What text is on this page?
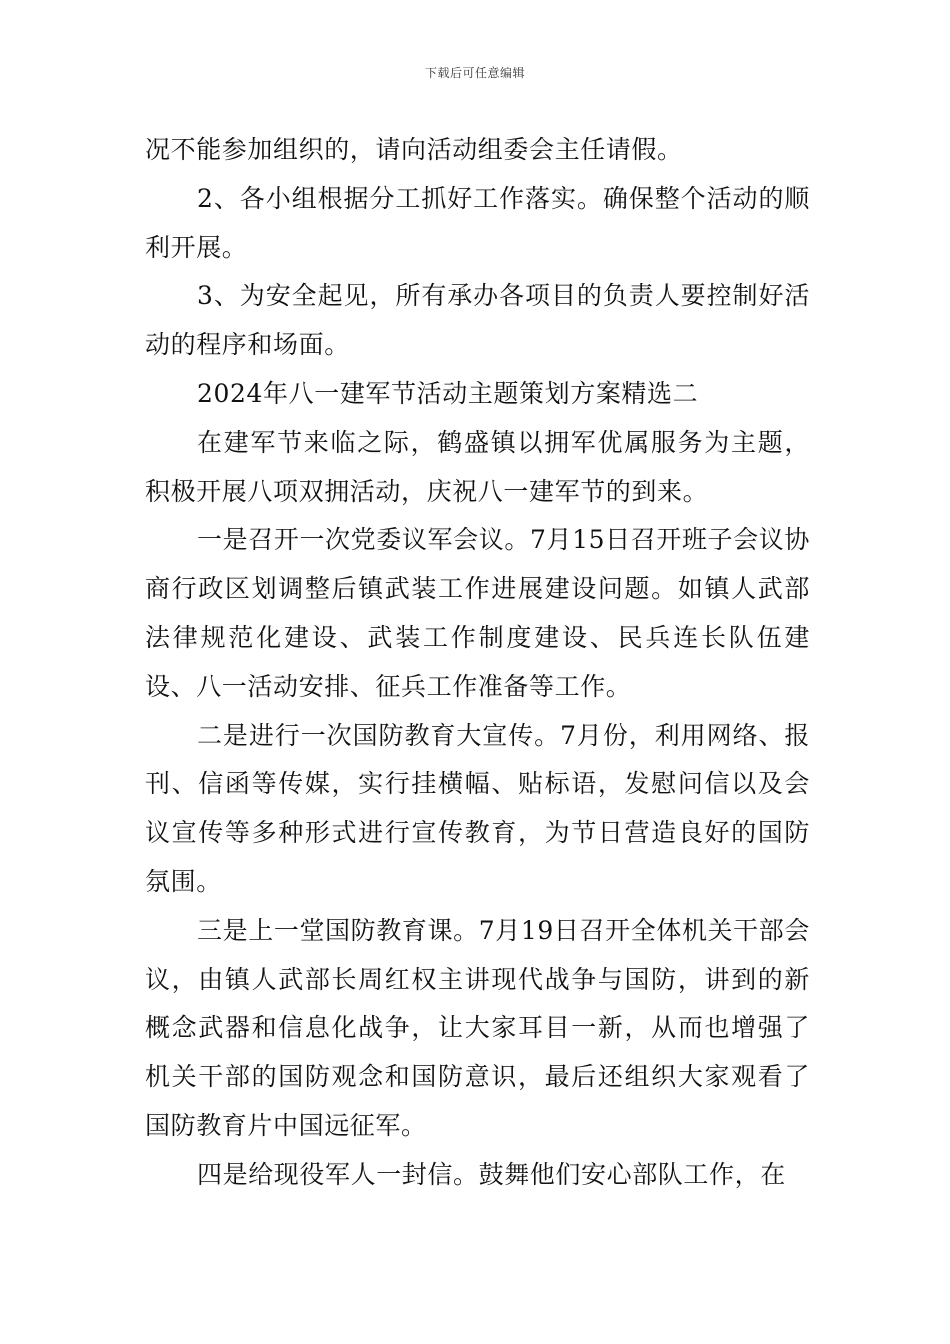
下载后可任意编辑

况不能参加组织的，请向活动组委会主任请假。

2、各小组根据分工抓好工作落实。确保整个活动的顺利开展。

3、为安全起见，所有承办各项目的负责人要控制好活动的程序和场面。

2024年八一建军节活动主题策划方案精选二

在建军节来临之际，鹤盛镇以拥军优属服务为主题，积极开展八项双拥活动，庆祝八一建军节的到来。

一是召开一次党委议军会议。7月15日召开班子会议协商行政区划调整后镇武装工作进展建设问题。如镇人武部法律规范化建设、武装工作制度建设、民兵连长队伍建设、八一活动安排、征兵工作准备等工作。

二是进行一次国防教育大宣传。7月份，利用网络、报刊、信函等传媒，实行挂横幅、贴标语，发慰问信以及会议宣传等多种形式进行宣传教育，为节日营造良好的国防氛围。

三是上一堂国防教育课。7月19日召开全体机关干部会议，由镇人武部长周红权主讲现代战争与国防，讲到的新概念武器和信息化战争，让大家耳目一新，从而也增强了机关干部的国防观念和国防意识，最后还组织大家观看了国防教育片中国远征军。

四是给现役军人一封信。鼓舞他们安心部队工作，在
